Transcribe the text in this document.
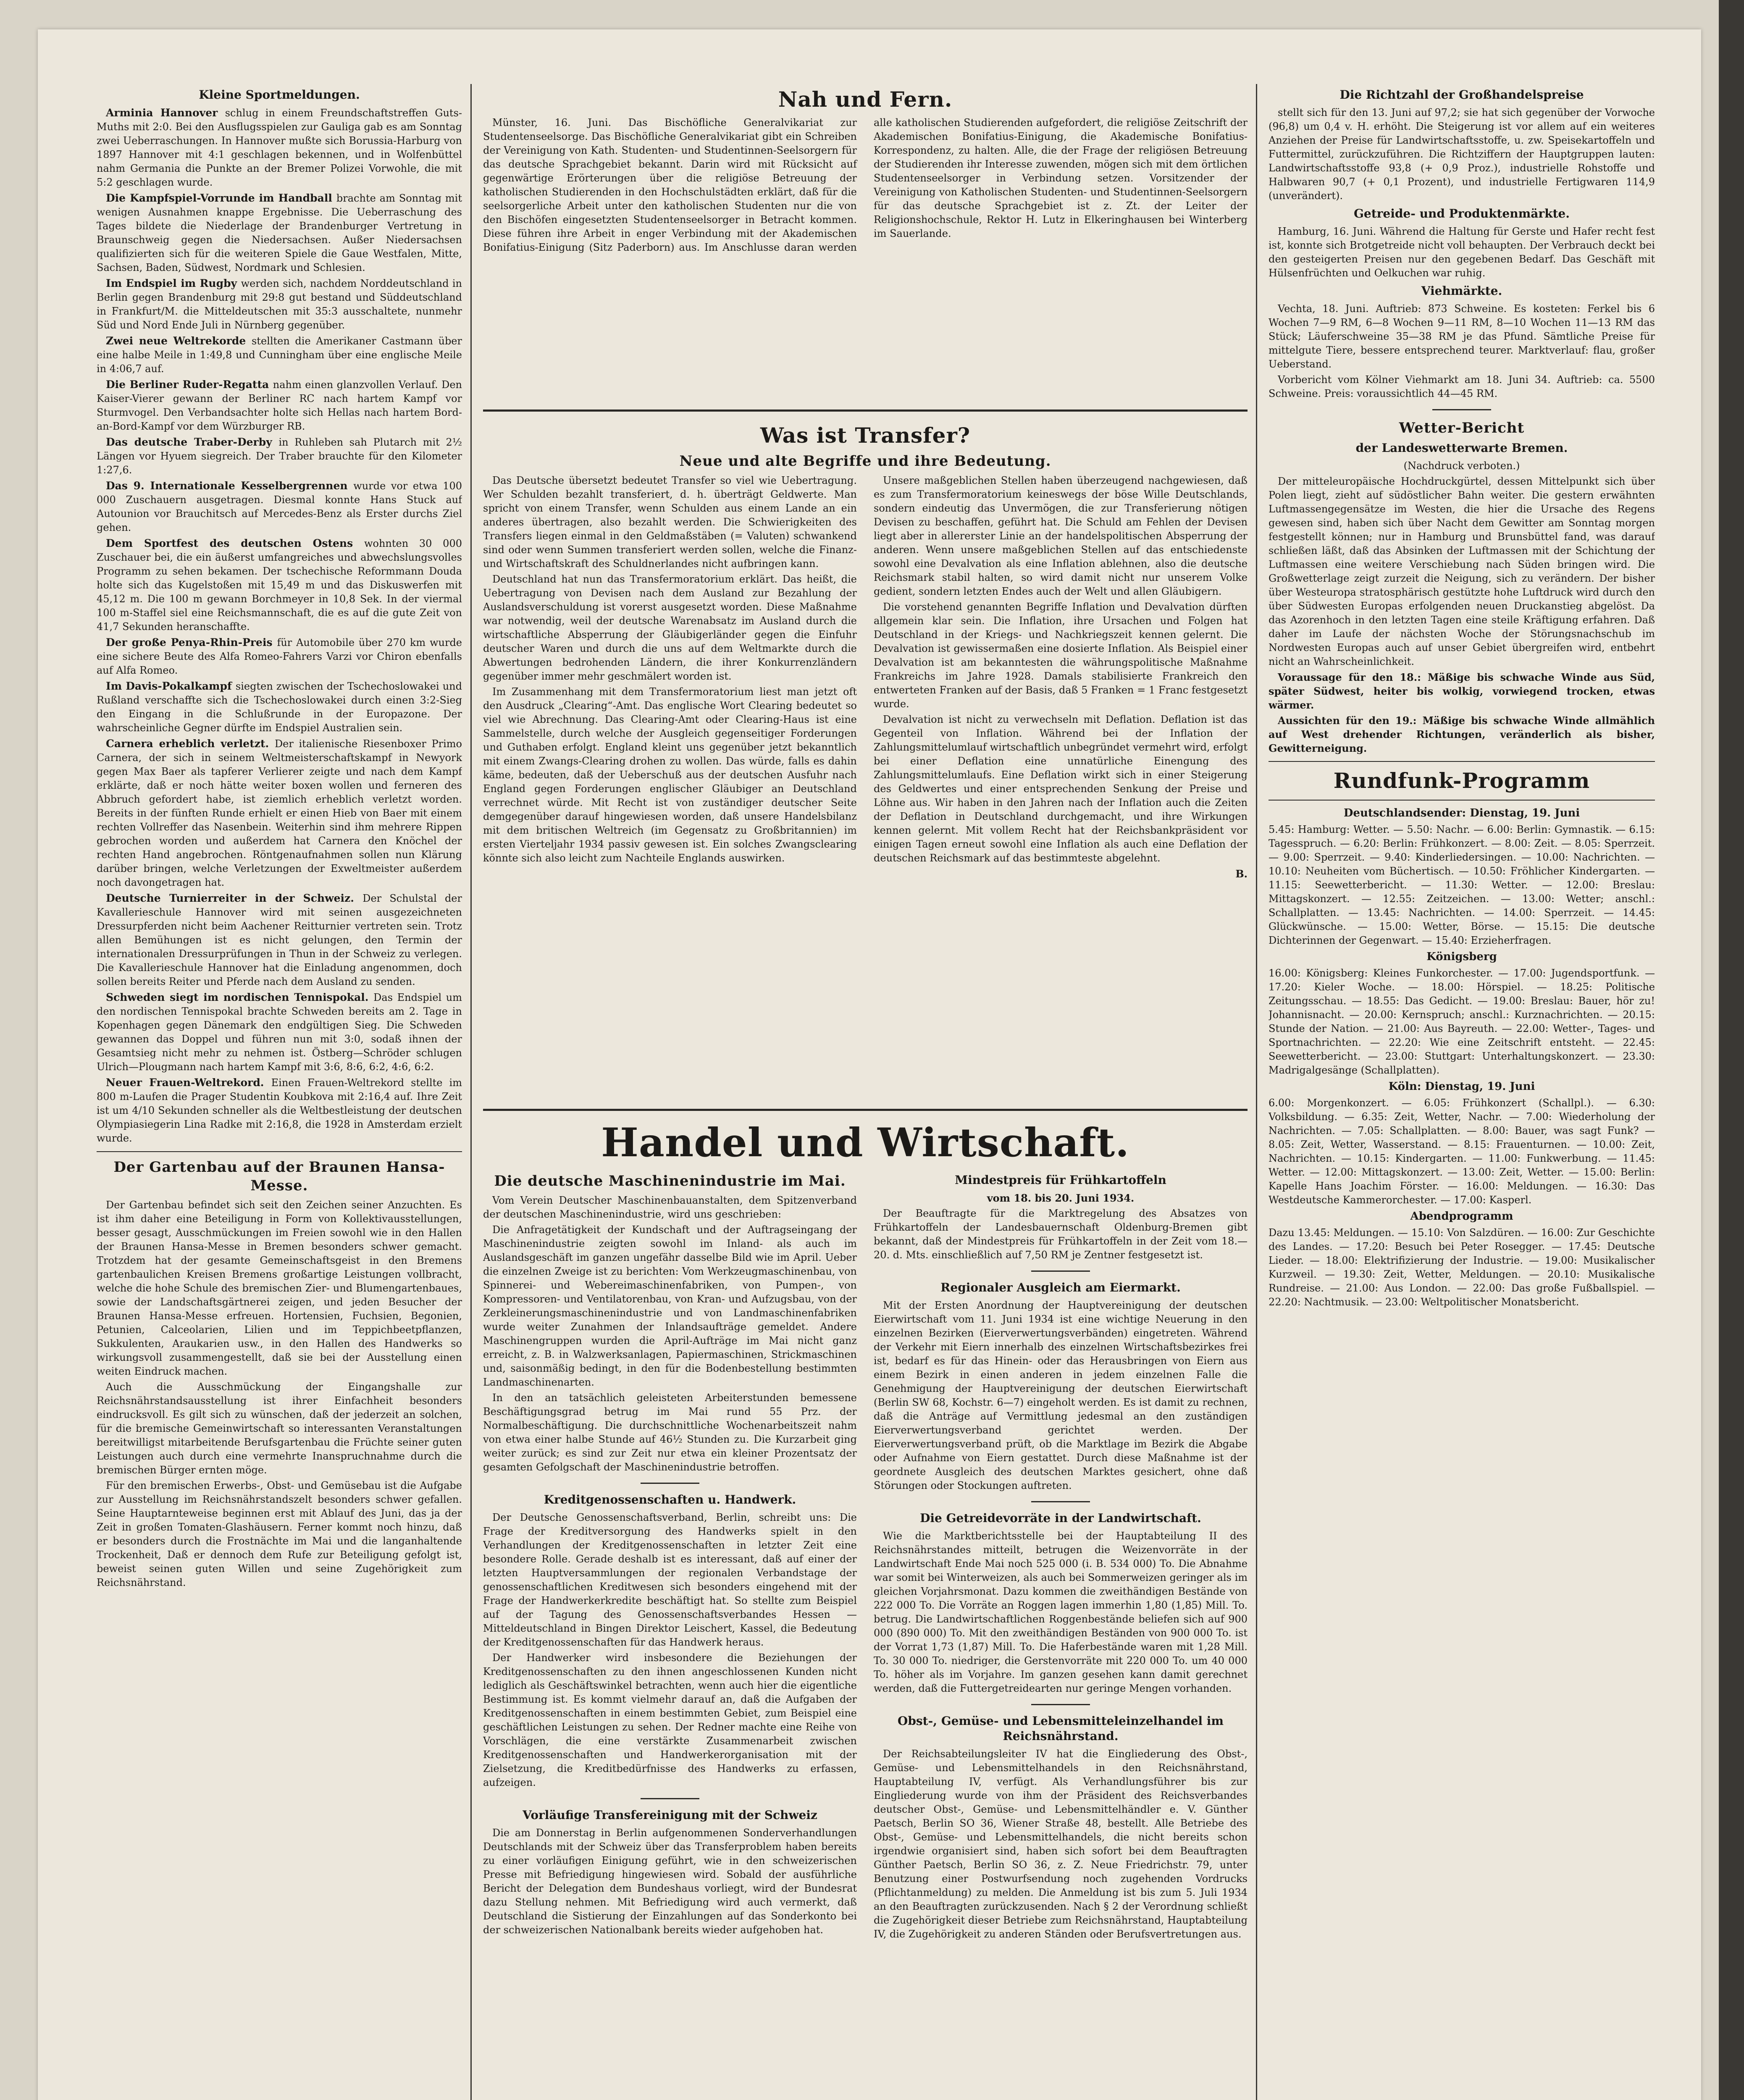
Kleine Sportmeldungen.

Arminia Hannover schlug in einem Freundschaftstreffen Guts-Muths mit 2:0. Bei den Ausflugsspielen zur Gauliga gab es am Sonntag zwei Ueberraschungen. In Hannover mußte sich Borussia-Harburg von 1897 Hannover mit 4:1 geschlagen bekennen, und in Wolfenbüttel nahm Germania die Punkte an der Bremer Polizei Vorwohle, die mit 5:2 geschlagen wurde.

Die Kampfspiel-Vorrunde im Handball brachte am Sonntag mit wenigen Ausnahmen knappe Ergebnisse. Die Ueberraschung des Tages bildete die Niederlage der Brandenburger Vertretung in Braunschweig gegen die Niedersachsen. Außer Niedersachsen qualifizierten sich für die weiteren Spiele die Gaue Westfalen, Mitte, Sachsen, Baden, Südwest, Nordmark und Schlesien.

Im Endspiel im Rugby werden sich, nachdem Norddeutschland in Berlin gegen Brandenburg mit 29:8 gut bestand und Süddeutschland in Frankfurt/M. die Mitteldeutschen mit 35:3 ausschaltete, nunmehr Süd und Nord Ende Juli in Nürnberg gegenüber.

Zwei neue Weltrekorde stellten die Amerikaner Castmann über eine halbe Meile in 1:49,8 und Cunningham über eine englische Meile in 4:06,7 auf.

Die Berliner Ruder-Regatta nahm einen glanzvollen Verlauf. Den Kaiser-Vierer gewann der Berliner RC nach hartem Kampf vor Sturmvogel. Den Verbandsachter holte sich Hellas nach hartem Bord-an-Bord-Kampf vor dem Würzburger RB.

Das deutsche Traber-Derby in Ruhleben sah Plutarch mit 2½ Längen vor Hyuem siegreich. Der Traber brauchte für den Kilometer 1:27,6.

Das 9. Internationale Kesselbergrennen wurde vor etwa 100 000 Zuschauern ausgetragen. Diesmal konnte Hans Stuck auf Autounion vor Brauchitsch auf Mercedes-Benz als Erster durchs Ziel gehen.

Dem Sportfest des deutschen Ostens wohnten 30 000 Zuschauer bei, die ein äußerst umfangreiches und abwechslungsvolles Programm zu sehen bekamen. Der tschechische Reformmann Douda holte sich das Kugelstoßen mit 15,49 m und das Diskuswerfen mit 45,12 m. Die 100 m gewann Borchmeyer in 10,8 Sek. In der viermal 100 m-Staffel siel eine Reichsmannschaft, die es auf die gute Zeit von 41,7 Sekunden heranschaffte.

Der große Penya-Rhin-Preis für Automobile über 270 km wurde eine sichere Beute des Alfa Romeo-Fahrers Varzi vor Chiron ebenfalls auf Alfa Romeo.

Im Davis-Pokalkampf siegten zwischen der Tschechoslowakei und Rußland verschaffte sich die Tschechoslowakei durch einen 3:2-Sieg den Eingang in die Schlußrunde in der Europazone. Der wahrscheinliche Gegner dürfte im Endspiel Australien sein.

Carnera erheblich verletzt. Der italienische Riesenboxer Primo Carnera, der sich in seinem Weltmeisterschaftskampf in Newyork gegen Max Baer als tapferer Verlierer zeigte und nach dem Kampf erklärte, daß er noch hätte weiter boxen wollen und ferneren des Abbruch gefordert habe, ist ziemlich erheblich verletzt worden. Bereits in der fünften Runde erhielt er einen Hieb von Baer mit einem rechten Vollreffer das Nasenbein. Weiterhin sind ihm mehrere Rippen gebrochen worden und außerdem hat Carnera den Knöchel der rechten Hand angebrochen. Röntgenaufnahmen sollen nun Klärung darüber bringen, welche Verletzungen der Exweltmeister außerdem noch davongetragen hat.

Deutsche Turnierreiter in der Schweiz. Der Schulstal der Kavallerieschule Hannover wird mit seinen ausgezeichneten Dressurpferden nicht beim Aachener Reitturnier vertreten sein. Trotz allen Bemühungen ist es nicht gelungen, den Termin der internationalen Dressurprüfungen in Thun in der Schweiz zu verlegen. Die Kavallerieschule Hannover hat die Einladung angenommen, doch sollen bereits Reiter und Pferde nach dem Ausland zu senden.

Schweden siegt im nordischen Tennispokal. Das Endspiel um den nordischen Tennispokal brachte Schweden bereits am 2. Tage in Kopenhagen gegen Dänemark den endgültigen Sieg. Die Schweden gewannen das Doppel und führen nun mit 3:0, sodaß ihnen der Gesamtsieg nicht mehr zu nehmen ist. Östberg—Schröder schlugen Ulrich—Plougmann nach hartem Kampf mit 3:6, 8:6, 6:2, 4:6, 6:2.

Neuer Frauen-Weltrekord. Einen Frauen-Weltrekord stellte im 800 m-Laufen die Prager Studentin Koubkova mit 2:16,4 auf. Ihre Zeit ist um 4/10 Sekunden schneller als die Weltbestleistung der deutschen Olympiasiegerin Lina Radke mit 2:16,8, die 1928 in Amsterdam erzielt wurde.

Der Gartenbau auf der Braunen Hansa-Messe.

Der Gartenbau befindet sich seit den Zeichen seiner Anzuchten. Es ist ihm daher eine Beteiligung in Form von Kollektivausstellungen, besser gesagt, Ausschmückungen im Freien sowohl wie in den Hallen der Braunen Hansa-Messe in Bremen besonders schwer gemacht. Trotzdem hat der gesamte Gemeinschaftsgeist in den Bremens gartenbaulichen Kreisen Bremens großartige Leistungen vollbracht, welche die hohe Schule des bremischen Zier- und Blumengartenbaues, sowie der Landschaftsgärtnerei zeigen, und jeden Besucher der Braunen Hansa-Messe erfreuen. Hortensien, Fuchsien, Begonien, Petunien, Calceolarien, Lilien und im Teppichbeetpflanzen, Sukkulenten, Araukarien usw., in den Hallen des Handwerks so wirkungsvoll zusammengestellt, daß sie bei der Ausstellung einen weiten Eindruck machen.

Auch die Ausschmückung der Eingangshalle zur Reichsnährstandsausstellung ist ihrer Einfachheit besonders eindrucksvoll. Es gilt sich zu wünschen, daß der jederzeit an solchen, für die bremische Gemeinwirtschaft so interessanten Veranstaltungen bereitwilligst mitarbeitende Berufsgartenbau die Früchte seiner guten Leistungen auch durch eine vermehrte Inanspruchnahme durch die bremischen Bürger ernten möge.

Für den bremischen Erwerbs-, Obst- und Gemüsebau ist die Aufgabe zur Ausstellung im Reichsnährstandszelt besonders schwer gefallen. Seine Hauptarnteweise beginnen erst mit Ablauf des Juni, das ja der Zeit in großen Tomaten-Glashäusern. Ferner kommt noch hinzu, daß er besonders durch die Frostnächte im Mai und die langanhaltende Trockenheit, Daß er dennoch dem Rufe zur Beteiligung gefolgt ist, beweist seinen guten Willen und seine Zugehörigkeit zum Reichsnährstand.

Nah und Fern.

Münster, 16. Juni. Das Bischöfliche Generalvikariat zur Studentenseelsorge. Das Bischöfliche Generalvikariat gibt ein Schreiben der Vereinigung von Kath. Studenten- und Studentinnen-Seelsorgern für das deutsche Sprachgebiet bekannt. Darin wird mit Rücksicht auf gegenwärtige Erörterungen über die religiöse Betreuung der katholischen Studierenden in den Hochschulstädten erklärt, daß für die seelsorgerliche Arbeit unter den katholischen Studenten nur die von den Bischöfen eingesetzten Studentenseelsorger in Betracht kommen. Diese führen ihre Arbeit in enger Verbindung mit der Akademischen Bonifatius-Einigung (Sitz Paderborn) aus. Im Anschlusse daran werden alle katholischen Studierenden aufgefordert, die religiöse Zeitschrift der Akademischen Bonifatius-Einigung, die Akademische Bonifatius-Korrespondenz, zu halten. Alle, die der Frage der religiösen Betreuung der Studierenden ihr Interesse zuwenden, mögen sich mit dem örtlichen Studentenseelsorger in Verbindung setzen. Vorsitzender der Vereinigung von Katholischen Studenten- und Studentinnen-Seelsorgern für das deutsche Sprachgebiet ist z. Zt. der Leiter der Religionshochschule, Rektor H. Lutz in Elkeringhausen bei Winterberg im Sauerlande.

Was ist Transfer?
Neue und alte Begriffe und ihre Bedeutung.

Das Deutsche übersetzt bedeutet Transfer so viel wie Uebertragung. Wer Schulden bezahlt transferiert, d. h. überträgt Geldwerte. Man spricht von einem Transfer, wenn Schulden aus einem Lande an ein anderes übertragen, also bezahlt werden. Die Schwierigkeiten des Transfers liegen einmal in den Geldmaßstäben (= Valuten) schwankend sind oder wenn Summen transferiert werden sollen, welche die Finanz- und Wirtschaftskraft des Schuldnerlandes nicht aufbringen kann.

Deutschland hat nun das Transfermoratorium erklärt. Das heißt, die Uebertragung von Devisen nach dem Ausland zur Bezahlung der Auslandsverschuldung ist vorerst ausgesetzt worden. Diese Maßnahme war notwendig, weil der deutsche Warenabsatz im Ausland durch die wirtschaftliche Absperrung der Gläubigerländer gegen die Einfuhr deutscher Waren und durch die uns auf dem Weltmarkte durch die Abwertungen bedrohenden Ländern, die ihrer Konkurrenzländern gegenüber immer mehr geschmälert worden ist.

Im Zusammenhang mit dem Transfermoratorium liest man jetzt oft den Ausdruck „Clearing“-Amt. Das englische Wort Clearing bedeutet so viel wie Abrechnung. Das Clearing-Amt oder Clearing-Haus ist eine Sammelstelle, durch welche der Ausgleich gegenseitiger Forderungen und Guthaben erfolgt. England kleint uns gegenüber jetzt bekanntlich mit einem Zwangs-Clearing drohen zu wollen. Das würde, falls es dahin käme, bedeuten, daß der Ueberschuß aus der deutschen Ausfuhr nach England gegen Forderungen englischer Gläubiger an Deutschland verrechnet würde. Mit Recht ist von zuständiger deutscher Seite demgegenüber darauf hingewiesen worden, daß unsere Handelsbilanz mit dem britischen Weltreich (im Gegensatz zu Großbritannien) im ersten Vierteljahr 1934 passiv gewesen ist. Ein solches Zwangsclearing könnte sich also leicht zum Nachteile Englands auswirken.

Unsere maßgeblichen Stellen haben überzeugend nachgewiesen, daß es zum Transfermoratorium keineswegs der böse Wille Deutschlands, sondern eindeutig das Unvermögen, die zur Transferierung nötigen Devisen zu beschaffen, geführt hat. Die Schuld am Fehlen der Devisen liegt aber in allererster Linie an der handelspolitischen Absperrung der anderen. Wenn unsere maßgeblichen Stellen auf das entschiedenste sowohl eine Devalvation als eine Inflation ablehnen, also die deutsche Reichsmark stabil halten, so wird damit nicht nur unserem Volke gedient, sondern letzten Endes auch der Welt und allen Gläubigern.

Die vorstehend genannten Begriffe Inflation und Devalvation dürften allgemein klar sein. Die Inflation, ihre Ursachen und Folgen hat Deutschland in der Kriegs- und Nachkriegszeit kennen gelernt. Die Devalvation ist gewissermaßen eine dosierte Inflation. Als Beispiel einer Devalvation ist am bekanntesten die währungspolitische Maßnahme Frankreichs im Jahre 1928. Damals stabilisierte Frankreich den entwerteten Franken auf der Basis, daß 5 Franken = 1 Franc festgesetzt wurde.

Devalvation ist nicht zu verwechseln mit Deflation. Deflation ist das Gegenteil von Inflation. Während bei der Inflation der Zahlungsmittelumlauf wirtschaftlich unbegründet vermehrt wird, erfolgt bei einer Deflation eine unnatürliche Einengung des Zahlungsmittelumlaufs. Eine Deflation wirkt sich in einer Steigerung des Geldwertes und einer entsprechenden Senkung der Preise und Löhne aus. Wir haben in den Jahren nach der Inflation auch die Zeiten der Deflation in Deutschland durchgemacht, und ihre Wirkungen kennen gelernt. Mit vollem Recht hat der Reichsbankpräsident vor einigen Tagen erneut sowohl eine Inflation als auch eine Deflation der deutschen Reichsmark auf das bestimmteste abgelehnt.

B.

Handel und Wirtschaft.
Die deutsche Maschinenindustrie im Mai.

Vom Verein Deutscher Maschinenbauanstalten, dem Spitzenverband der deutschen Maschinenindustrie, wird uns geschrieben:

Die Anfragetätigkeit der Kundschaft und der Auftragseingang der Maschinenindustrie zeigten sowohl im Inland- als auch im Auslandsgeschäft im ganzen ungefähr dasselbe Bild wie im April. Ueber die einzelnen Zweige ist zu berichten: Vom Werkzeugmaschinenbau, von Spinnerei- und Webereimaschinenfabriken, von Pumpen-, von Kompressoren- und Ventilatorenbau, von Kran- und Aufzugsbau, von der Zerkleinerungsmaschinenindustrie und von Landmaschinenfabriken wurde weiter Zunahmen der Inlandsaufträge gemeldet. Andere Maschinengruppen wurden die April-Aufträge im Mai nicht ganz erreicht, z. B. in Walzwerksanlagen, Papiermaschinen, Strickmaschinen und, saisonmäßig bedingt, in den für die Bodenbestellung bestimmten Landmaschinenarten.

In den an tatsächlich geleisteten Arbeiterstunden bemessene Beschäftigungsgrad betrug im Mai rund 55 Prz. der Normalbeschäftigung. Die durchschnittliche Wochenarbeitszeit nahm von etwa einer halbe Stunde auf 46½ Stunden zu. Die Kurzarbeit ging weiter zurück; es sind zur Zeit nur etwa ein kleiner Prozentsatz der gesamten Gefolgschaft der Maschinenindustrie betroffen.

Kreditgenossenschaften u. Handwerk.

Der Deutsche Genossenschaftsverband, Berlin, schreibt uns: Die Frage der Kreditversorgung des Handwerks spielt in den Verhandlungen der Kreditgenossenschaften in letzter Zeit eine besondere Rolle. Gerade deshalb ist es interessant, daß auf einer der letzten Hauptversammlungen der regionalen Verbandstage der genossenschaftlichen Kreditwesen sich besonders eingehend mit der Frage der Handwerkerkredite beschäftigt hat. So stellte zum Beispiel auf der Tagung des Genossenschaftsverbandes Hessen — Mitteldeutschland in Bingen Direktor Leischert, Kassel, die Bedeutung der Kreditgenossenschaften für das Handwerk heraus.

Der Handwerker wird insbesondere die Beziehungen der Kreditgenossenschaften zu den ihnen angeschlossenen Kunden nicht lediglich als Geschäftswinkel betrachten, wenn auch hier die eigentliche Bestimmung ist. Es kommt vielmehr darauf an, daß die Aufgaben der Kreditgenossenschaften in einem bestimmten Gebiet, zum Beispiel eine geschäftlichen Leistungen zu sehen. Der Redner machte eine Reihe von Vorschlägen, die eine verstärkte Zusammenarbeit zwischen Kreditgenossenschaften und Handwerkerorganisation mit der Zielsetzung, die Kreditbedürfnisse des Handwerks zu erfassen, aufzeigen.

Vorläufige Transfereinigung mit der Schweiz

Die am Donnerstag in Berlin aufgenommenen Sonderverhandlungen Deutschlands mit der Schweiz über das Transferproblem haben bereits zu einer vorläufigen Einigung geführt, wie in den schweizerischen Presse mit Befriedigung hingewiesen wird. Sobald der ausführliche Bericht der Delegation dem Bundeshaus vorliegt, wird der Bundesrat dazu Stellung nehmen. Mit Befriedigung wird auch vermerkt, daß Deutschland die Sistierung der Einzahlungen auf das Sonderkonto bei der schweizerischen Nationalbank bereits wieder aufgehoben hat.

Mindestpreis für Frühkartoffeln

vom 18. bis 20. Juni 1934.

Der Beauftragte für die Marktregelung des Absatzes von Frühkartoffeln der Landesbauernschaft Oldenburg-Bremen gibt bekannt, daß der Mindestpreis für Frühkartoffeln in der Zeit vom 18.—20. d. Mts. einschließlich auf 7,50 RM je Zentner festgesetzt ist.

Regionaler Ausgleich am Eiermarkt.

Mit der Ersten Anordnung der Hauptvereinigung der deutschen Eierwirtschaft vom 11. Juni 1934 ist eine wichtige Neuerung in den einzelnen Bezirken (Eierverwertungsverbänden) eingetreten. Während der Verkehr mit Eiern innerhalb des einzelnen Wirtschaftsbezirkes frei ist, bedarf es für das Hinein- oder das Herausbringen von Eiern aus einem Bezirk in einen anderen in jedem einzelnen Falle die Genehmigung der Hauptvereinigung der deutschen Eierwirtschaft (Berlin SW 68, Kochstr. 6—7) eingeholt werden. Es ist damit zu rechnen, daß die Anträge auf Vermittlung jedesmal an den zuständigen Eierverwertungsverband gerichtet werden. Der Eierverwertungsverband prüft, ob die Marktlage im Bezirk die Abgabe oder Aufnahme von Eiern gestattet. Durch diese Maßnahme ist der geordnete Ausgleich des deutschen Marktes gesichert, ohne daß Störungen oder Stockungen auftreten.

Die Getreidevorräte in der Landwirtschaft.

Wie die Marktberichtsstelle bei der Hauptabteilung II des Reichsnährstandes mitteilt, betrugen die Weizenvorräte in der Landwirtschaft Ende Mai noch 525 000 (i. B. 534 000) To. Die Abnahme war somit bei Winterweizen, als auch bei Sommerweizen geringer als im gleichen Vorjahrsmonat. Dazu kommen die zweithändigen Bestände von 222 000 To. Die Vorräte an Roggen lagen immerhin 1,80 (1,85) Mill. To. betrug. Die Landwirtschaftlichen Roggenbestände beliefen sich auf 900 000 (890 000) To. Mit den zweithändigen Beständen von 900 000 To. ist der Vorrat 1,73 (1,87) Mill. To. Die Haferbestände waren mit 1,28 Mill. To. 30 000 To. niedriger, die Gerstenvorräte mit 220 000 To. um 40 000 To. höher als im Vorjahre. Im ganzen gesehen kann damit gerechnet werden, daß die Futtergetreidearten nur geringe Mengen vorhanden.

Obst-, Gemüse- und Lebensmitteleinzelhandel im Reichsnährstand.

Der Reichsabteilungsleiter IV hat die Eingliederung des Obst-, Gemüse- und Lebensmittelhandels in den Reichsnährstand, Hauptabteilung IV, verfügt. Als Verhandlungsführer bis zur Eingliederung wurde von ihm der Präsident des Reichsverbandes deutscher Obst-, Gemüse- und Lebensmittelhändler e. V. Günther Paetsch, Berlin SO 36, Wiener Straße 48, bestellt. Alle Betriebe des Obst-, Gemüse- und Lebensmittelhandels, die nicht bereits schon irgendwie organisiert sind, haben sich sofort bei dem Beauftragten Günther Paetsch, Berlin SO 36, z. Z. Neue Friedrichstr. 79, unter Benutzung einer Postwurfsendung noch zugehenden Vordrucks (Pflichtanmeldung) zu melden. Die Anmeldung ist bis zum 5. Juli 1934 an den Beauftragten zurückzusenden. Nach § 2 der Verordnung schließt die Zugehörigkeit dieser Betriebe zum Reichsnährstand, Hauptabteilung IV, die Zugehörigkeit zu anderen Ständen oder Berufsvertretungen aus.

Die Richtzahl der Großhandelspreise

stellt sich für den 13. Juni auf 97,2; sie hat sich gegenüber der Vorwoche (96,8) um 0,4 v. H. erhöht. Die Steigerung ist vor allem auf ein weiteres Anziehen der Preise für Landwirtschaftsstoffe, u. zw. Speisekartoffeln und Futtermittel, zurückzuführen. Die Richtziffern der Hauptgruppen lauten: Landwirtschaftsstoffe 93,8 (+ 0,9 Proz.), industrielle Rohstoffe und Halbwaren 90,7 (+ 0,1 Prozent), und industrielle Fertigwaren 114,9 (unverändert).

Getreide- und Produktenmärkte.

Hamburg, 16. Juni. Während die Haltung für Gerste und Hafer recht fest ist, konnte sich Brotgetreide nicht voll behaupten. Der Verbrauch deckt bei den gesteigerten Preisen nur den gegebenen Bedarf. Das Geschäft mit Hülsenfrüchten und Oelkuchen war ruhig.

Viehmärkte.

Vechta, 18. Juni. Auftrieb: 873 Schweine. Es kosteten: Ferkel bis 6 Wochen 7—9 RM, 6—8 Wochen 9—11 RM, 8—10 Wochen 11—13 RM das Stück; Läuferschweine 35—38 RM je das Pfund. Sämtliche Preise für mittelgute Tiere, bessere entsprechend teurer. Marktverlauf: flau, großer Ueberstand.

Vorbericht vom Kölner Viehmarkt am 18. Juni 34. Auftrieb: ca. 5500 Schweine. Preis: voraussichtlich 44—45 RM.

Wetter-Bericht
der Landeswetterwarte Bremen.

(Nachdruck verboten.)

Der mitteleuropäische Hochdruckgürtel, dessen Mittelpunkt sich über Polen liegt, zieht auf südöstlicher Bahn weiter. Die gestern erwähnten Luftmassengegensätze im Westen, die hier die Ursache des Regens gewesen sind, haben sich über Nacht dem Gewitter am Sonntag morgen festgestellt können; nur in Hamburg und Brunsbüttel fand, was darauf schließen läßt, daß das Absinken der Luftmassen mit der Schichtung der Luftmassen eine weitere Verschiebung nach Süden bringen wird. Die Großwetterlage zeigt zurzeit die Neigung, sich zu verändern. Der bisher über Westeuropa stratosphärisch gestützte hohe Luftdruck wird durch den über Südwesten Europas erfolgenden neuen Druckanstieg abgelöst. Da das Azorenhoch in den letzten Tagen eine steile Kräftigung erfahren. Daß daher im Laufe der nächsten Woche der Störungsnachschub im Nordwesten Europas auch auf unser Gebiet übergreifen wird, entbehrt nicht an Wahrscheinlichkeit.

Voraussage für den 18.: Mäßige bis schwache Winde aus Süd, später Südwest, heiter bis wolkig, vorwiegend trocken, etwas wärmer.

Aussichten für den 19.: Mäßige bis schwache Winde allmählich auf West drehender Richtungen, veränderlich als bisher, Gewitterneigung.

Rundfunk-Programm
Deutschlandsender: Dienstag, 19. Juni

5.45: Hamburg: Wetter. — 5.50: Nachr. — 6.00: Berlin: Gymnastik. — 6.15: Tagesspruch. — 6.20: Berlin: Frühkonzert. — 8.00: Zeit. — 8.05: Sperrzeit. — 9.00: Sperrzeit. — 9.40: Kinderliedersingen. — 10.00: Nachrichten. — 10.10: Neuheiten vom Büchertisch. — 10.50: Fröhlicher Kindergarten. — 11.15: Seewetterbericht. — 11.30: Wetter. — 12.00: Breslau: Mittagskonzert. — 12.55: Zeitzeichen. — 13.00: Wetter; anschl.: Schallplatten. — 13.45: Nachrichten. — 14.00: Sperrzeit. — 14.45: Glückwünsche. — 15.00: Wetter, Börse. — 15.15: Die deutsche Dichterinnen der Gegenwart. — 15.40: Erzieherfragen.

Königsberg

16.00: Königsberg: Kleines Funkorchester. — 17.00: Jugendsportfunk. — 17.20: Kieler Woche. — 18.00: Hörspiel. — 18.25: Politische Zeitungsschau. — 18.55: Das Gedicht. — 19.00: Breslau: Bauer, hör zu! Johannisnacht. — 20.00: Kernspruch; anschl.: Kurznachrichten. — 20.15: Stunde der Nation. — 21.00: Aus Bayreuth. — 22.00: Wetter-, Tages- und Sportnachrichten. — 22.20: Wie eine Zeitschrift entsteht. — 22.45: Seewetterbericht. — 23.00: Stuttgart: Unterhaltungskonzert. — 23.30: Madrigalgesänge (Schallplatten).

Köln: Dienstag, 19. Juni

6.00: Morgenkonzert. — 6.05: Frühkonzert (Schallpl.). — 6.30: Volksbildung. — 6.35: Zeit, Wetter, Nachr. — 7.00: Wiederholung der Nachrichten. — 7.05: Schallplatten. — 8.00: Bauer, was sagt Funk? — 8.05: Zeit, Wetter, Wasserstand. — 8.15: Frauenturnen. — 10.00: Zeit, Nachrichten. — 10.15: Kindergarten. — 11.00: Funkwerbung. — 11.45: Wetter. — 12.00: Mittagskonzert. — 13.00: Zeit, Wetter. — 15.00: Berlin: Kapelle Hans Joachim Förster. — 16.00: Meldungen. — 16.30: Das Westdeutsche Kammerorchester. — 17.00: Kasperl.

Abendprogramm

Dazu 13.45: Meldungen. — 15.10: Von Salzdüren. — 16.00: Zur Geschichte des Landes. — 17.20: Besuch bei Peter Rosegger. — 17.45: Deutsche Lieder. — 18.00: Elektrifizierung der Industrie. — 19.00: Musikalischer Kurzweil. — 19.30: Zeit, Wetter, Meldungen. — 20.10: Musikalische Rundreise. — 21.00: Aus London. — 22.00: Das große Fußballspiel. — 22.20: Nachtmusik. — 23.00: Weltpolitischer Monatsbericht.
